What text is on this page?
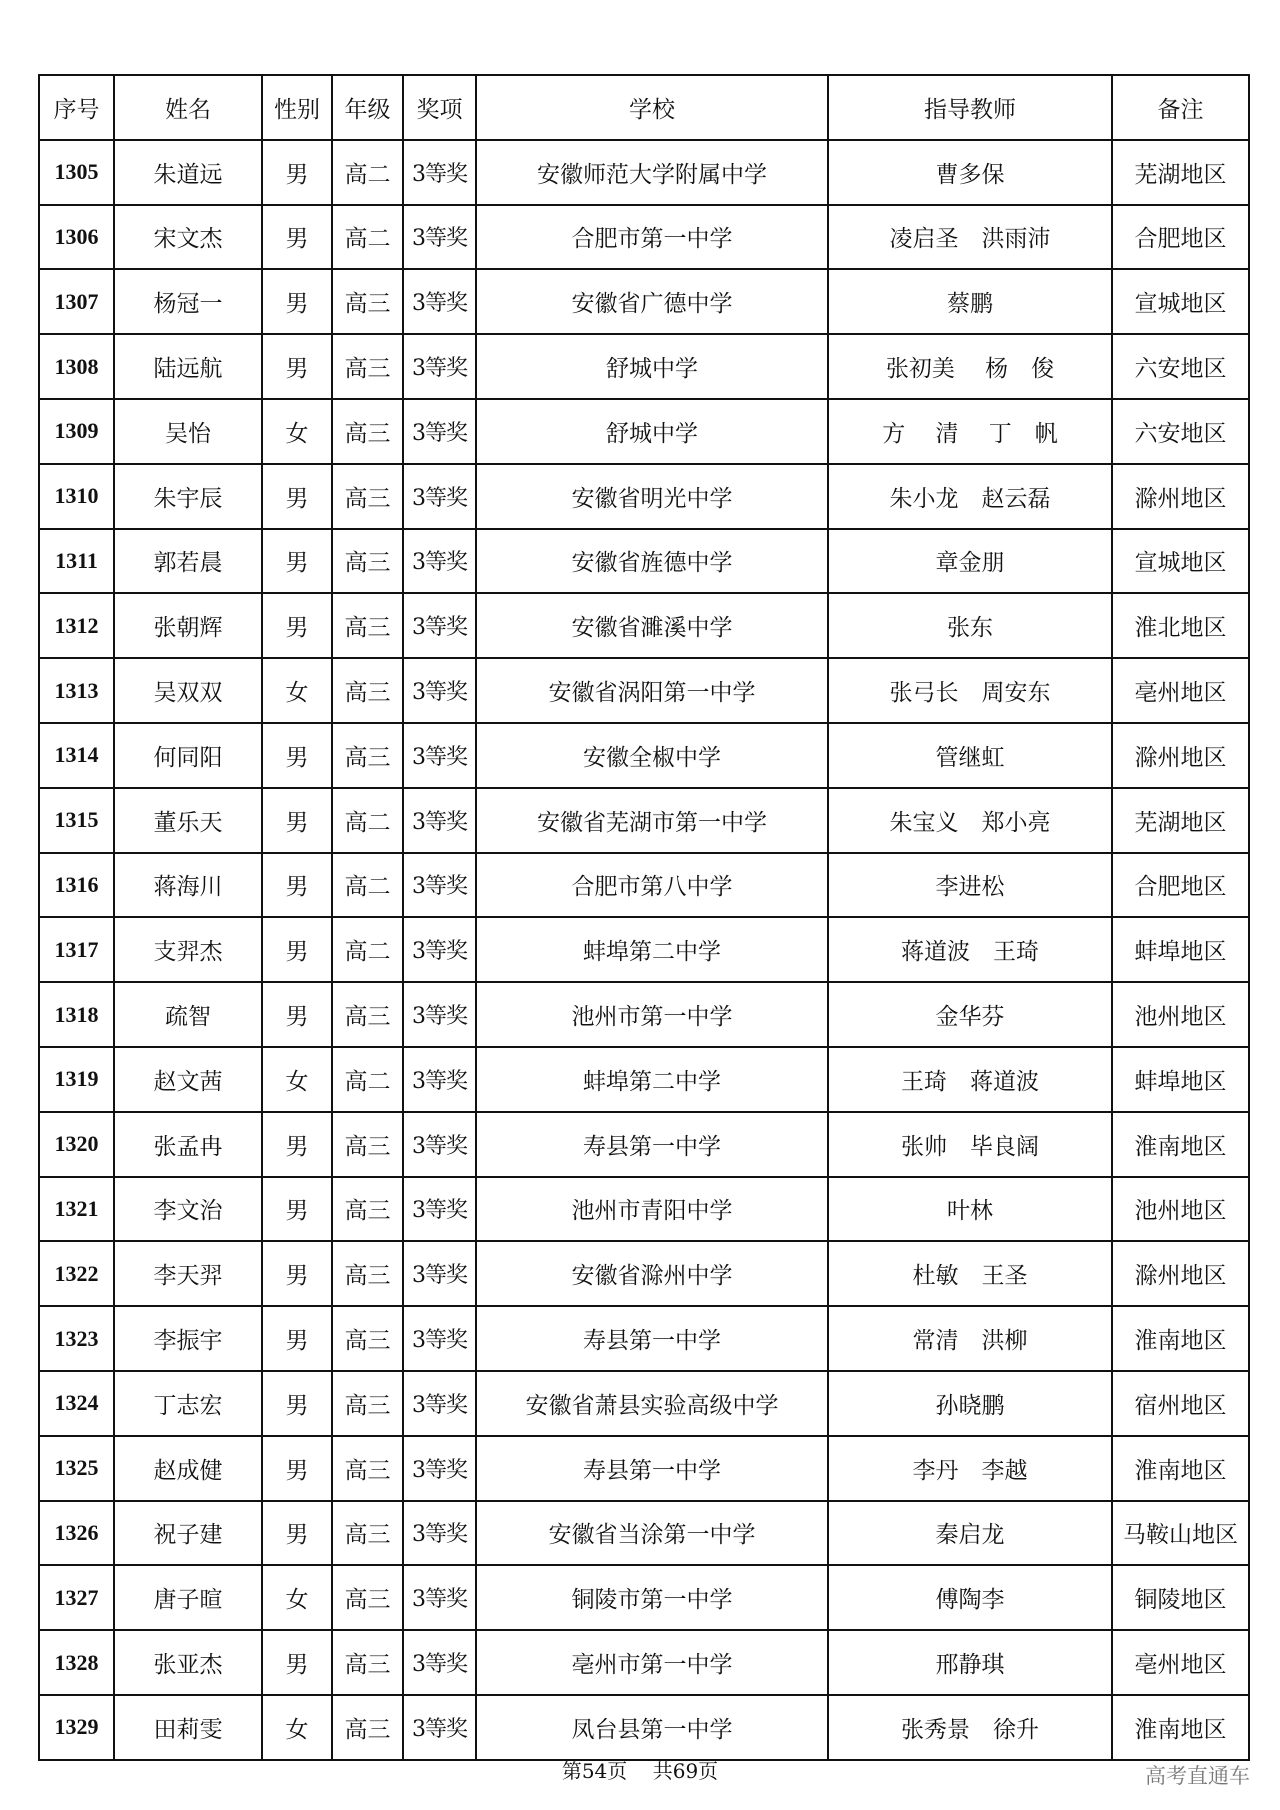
序号	姓名	性别	年级	奖项	学校	指导教师	备注
1305	朱道远	男	高二	3等奖	安徽师范大学附属中学	曹多保	芜湖地区
1306	宋文杰	男	高二	3等奖	合肥市第一中学	凌启圣　洪雨沛	合肥地区
1307	杨冠一	男	高三	3等奖	安徽省广德中学	蔡鹏	宣城地区
1308	陆远航	男	高三	3等奖	舒城中学	张初美　 杨　俊	六安地区
1309	吴怡	女	高三	3等奖	舒城中学	方　 清　 丁　帆	六安地区
1310	朱宇辰	男	高三	3等奖	安徽省明光中学	朱小龙　赵云磊	滁州地区
1311	郭若晨	男	高三	3等奖	安徽省旌德中学	章金朋	宣城地区
1312	张朝辉	男	高三	3等奖	安徽省濉溪中学	张东	淮北地区
1313	吴双双	女	高三	3等奖	安徽省涡阳第一中学	张弓长　周安东	亳州地区
1314	何同阳	男	高三	3等奖	安徽全椒中学	管继虹	滁州地区
1315	董乐天	男	高二	3等奖	安徽省芜湖市第一中学	朱宝义　郑小亮	芜湖地区
1316	蒋海川	男	高二	3等奖	合肥市第八中学	李进松	合肥地区
1317	支羿杰	男	高二	3等奖	蚌埠第二中学	蒋道波　王琦	蚌埠地区
1318	疏智	男	高三	3等奖	池州市第一中学	金华芬	池州地区
1319	赵文茜	女	高二	3等奖	蚌埠第二中学	王琦　蒋道波	蚌埠地区
1320	张孟冉	男	高三	3等奖	寿县第一中学	张帅　毕良阔	淮南地区
1321	李文治	男	高三	3等奖	池州市青阳中学	叶林	池州地区
1322	李天羿	男	高三	3等奖	安徽省滁州中学	杜敏　王圣	滁州地区
1323	李振宇	男	高三	3等奖	寿县第一中学	常清　洪柳	淮南地区
1324	丁志宏	男	高三	3等奖	安徽省萧县实验高级中学	孙晓鹏	宿州地区
1325	赵成健	男	高三	3等奖	寿县第一中学	李丹　李越	淮南地区
1326	祝子建	男	高三	3等奖	安徽省当涂第一中学	秦启龙	马鞍山地区
1327	唐子暄	女	高三	3等奖	铜陵市第一中学	傅陶李	铜陵地区
1328	张亚杰	男	高三	3等奖	亳州市第一中学	邢静琪	亳州地区
1329	田莉雯	女	高三	3等奖	凤台县第一中学	张秀景　徐升	淮南地区
第54页 共69页	高考直通车
